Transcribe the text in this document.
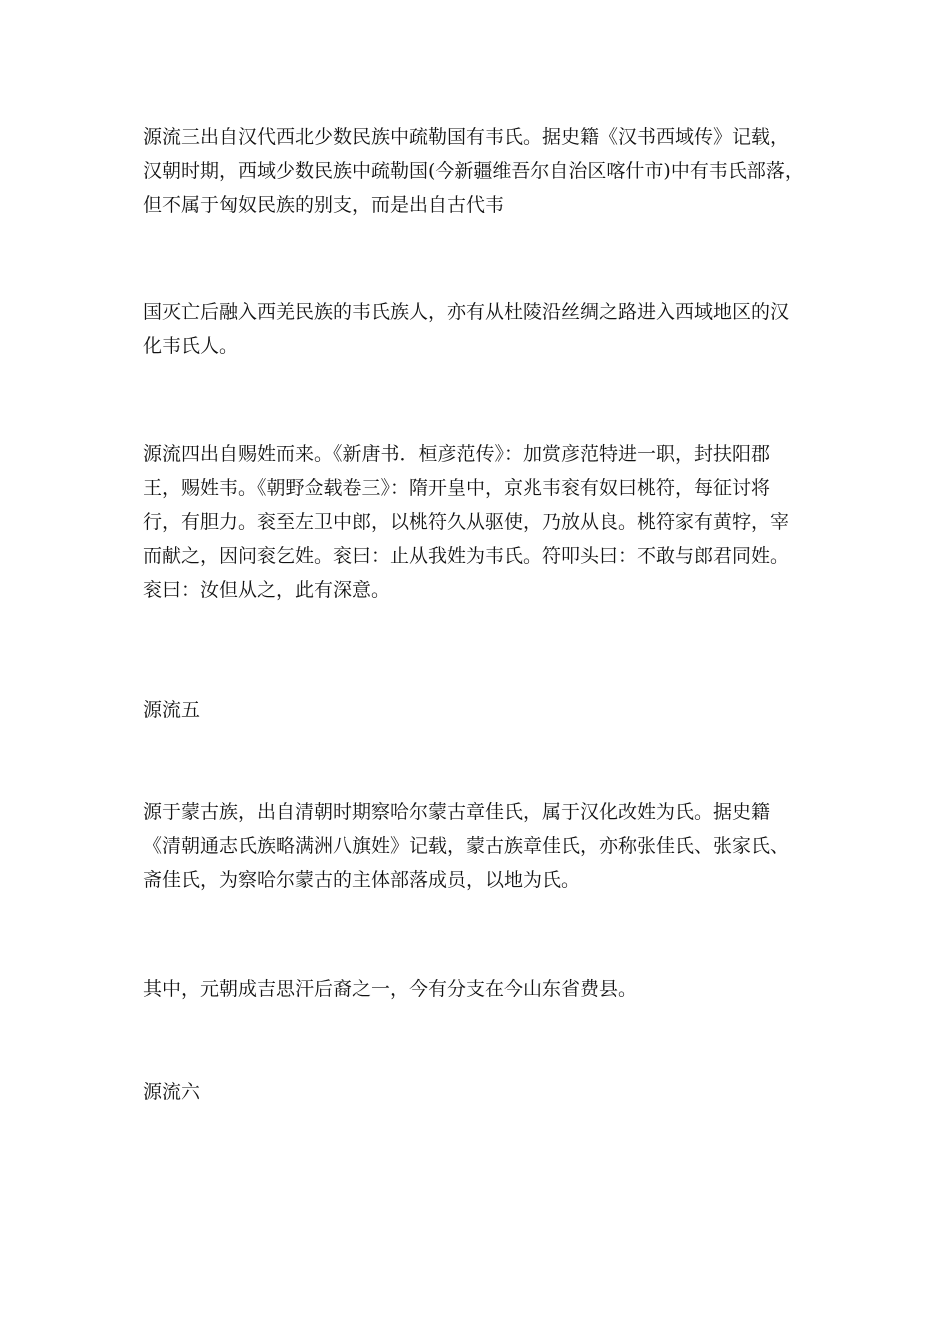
源流三出自汉代西北少数民族中疏勒国有韦氏。据史籍《汉书西域传》记载，
汉朝时期，西域少数民族中疏勒国(今新疆维吾尔自治区喀什市)中有韦氏部落，
但不属于匈奴民族的别支，而是出自古代韦

国灭亡后融入西羌民族的韦氏族人，亦有从杜陵沿丝绸之路进入西域地区的汉
化韦氏人。

源流四出自赐姓而来。《新唐书．桓彦范传》：加赏彦范特进一职，封扶阳郡
王，赐姓韦。《朝野佥载卷三》：隋开皇中，京兆韦衮有奴曰桃符，每征讨将
行，有胆力。衮至左卫中郎，以桃符久从驱使，乃放从良。桃符家有黄牸，宰
而献之，因问衮乞姓。衮曰：止从我姓为韦氏。符叩头曰：不敢与郎君同姓。
衮曰：汝但从之，此有深意。

源流五

源于蒙古族，出自清朝时期察哈尔蒙古章佳氏，属于汉化改姓为氏。据史籍
《清朝通志氏族略满洲八旗姓》记载，蒙古族章佳氏，亦称张佳氏、张家氏、
斋佳氏，为察哈尔蒙古的主体部落成员，以地为氏。

其中，元朝成吉思汗后裔之一，今有分支在今山东省费县。

源流六
